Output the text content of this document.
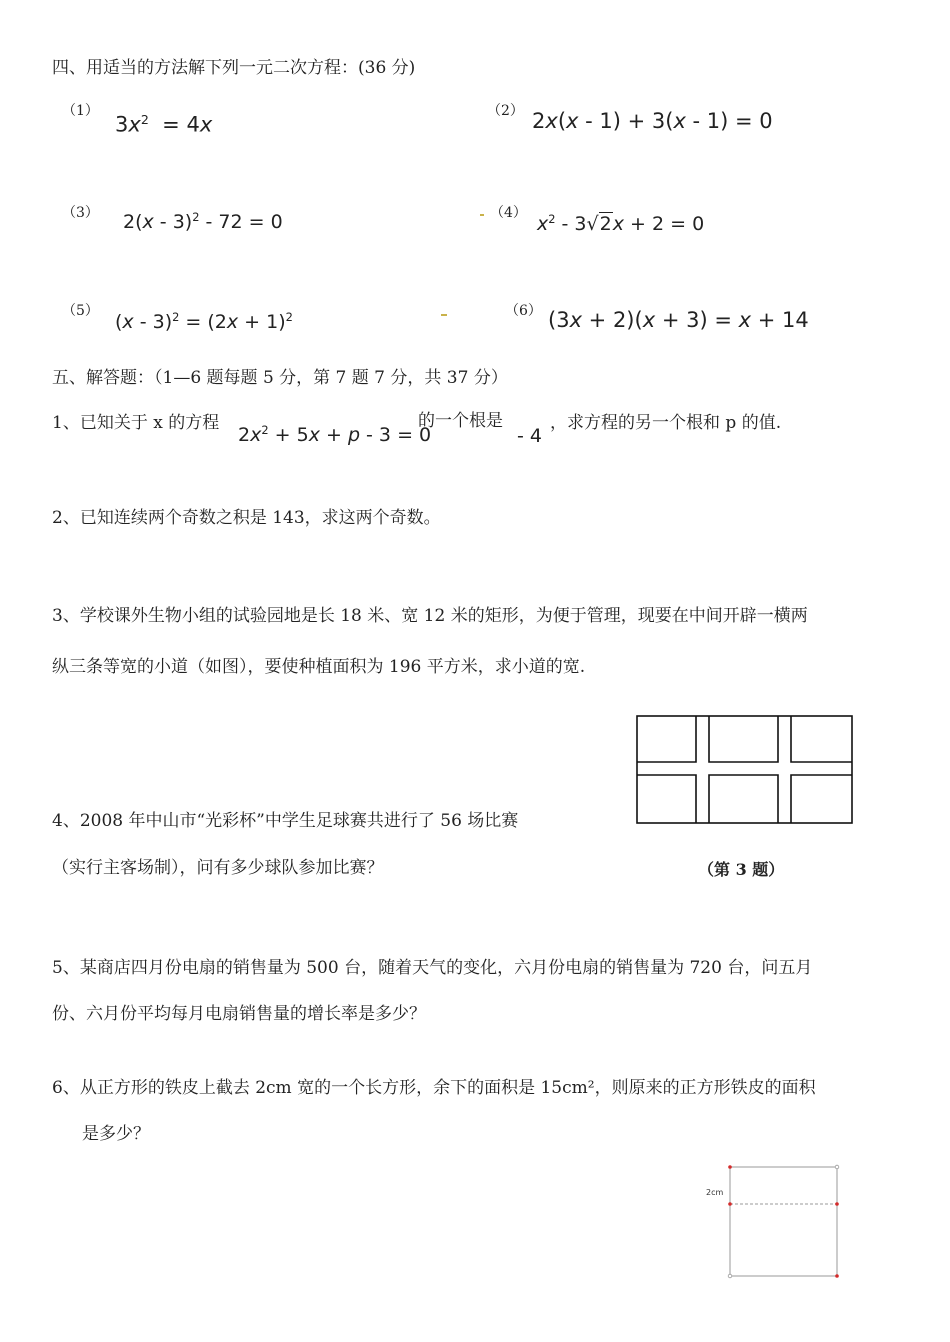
四、用适当的方法解下列一元二次方程：(36 分)
（1）
$3x^2 = 4x$
（2） 2x(x - 1) + 3(x - 1) = 0
（3） 2(x - 3)$^2$ - 72 = 0	（4） $x^2 - 3√2x + 2 = 0$
（5） $(x - 3)^2 = (2x + 1)^2$	（6） (3x + 2)(x + 3) = x + 14
五、解答题：（1—6 题每题 5 分，第 7 题 7 分，共 37 分）
1、已知关于 x 的方程
$2x^2 + 5x + p - 3 = 0$
的一个根是
- 4
，求方程的另一个根和 p 的值.
2、已知连续两个奇数之积是 143，求这两个奇数。
3、学校课外生物小组的试验园地是长 18 米、宽 12 米的矩形，为便于管理，现要在中间开辟一横两
纵三条等宽的小道（如图），要使种植面积为 196 平方米，求小道的宽.
4、2008 年中山市“光彩杯”中学生足球赛共进行了 56 场比赛
（实行主客场制），问有多少球队参加比赛？	（第 3 题）
5、某商店四月份电扇的销售量为 500 台，随着天气的变化，六月份电扇的销售量为 720 台，问五月
份、六月份平均每月电扇销售量的增长率是多少？
6、从正方形的铁皮上截去 2cm 宽的一个长方形，余下的面积是 15cm²，则原来的正方形铁皮的面积
是多少？
2cm
